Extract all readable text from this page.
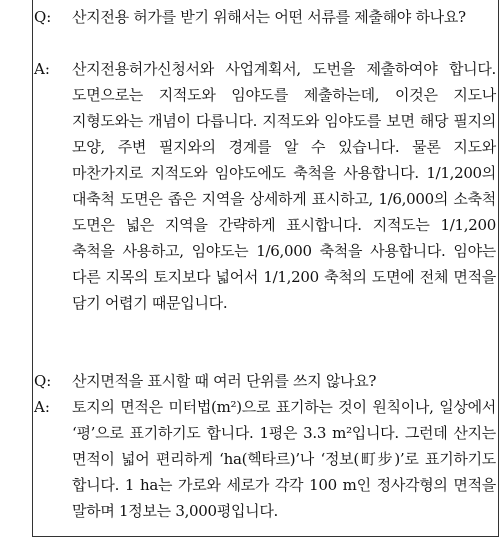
Q:	산지전용 허가를 받기 위해서는 어떤 서류를 제출해야 하나요?
A:	산지전용허가신청서와 사업계획서, 도번을 제출하여야 합니다. 도면으로는 지적도와 임야도를 제출하는데, 이것은 지도나 지형도와는 개념이 다릅니다. 지적도와 임야도를 보면 해당 필지의 모양, 주변 필지와의 경계를 알 수 있습니다. 물론 지도와 마찬가지로 지적도와 임야도에도 축척을 사용합니다. 1/1,200의 대축척 도면은 좁은 지역을 상세하게 표시하고, 1/6,000의 소축척 도면은 넓은 지역을 간략하게 표시합니다. 지적도는 1/1,200 축척을 사용하고, 임야도는 1/6,000 축척을 사용합니다. 임야는 다른 지목의 토지보다 넓어서 1/1,200 축척의 도면에 전체 면적을 담기 어렵기 때문입니다.
Q:	산지면적을 표시할 때 여러 단위를 쓰지 않나요?
A:	토지의 면적은 미터법(m²)으로 표기하는 것이 원칙이나, 일상에서 ‘평’으로 표기하기도 합니다. 1평은 3.3 m²입니다. 그런데 산지는 면적이 넓어 편리하게 ‘ha(헥타르)’나 ‘정보(町步)’로 표기하기도 합니다. 1 ha는 가로와 세로가 각각 100 m인 정사각형의 면적을 말하며 1정보는 3,000평입니다.
